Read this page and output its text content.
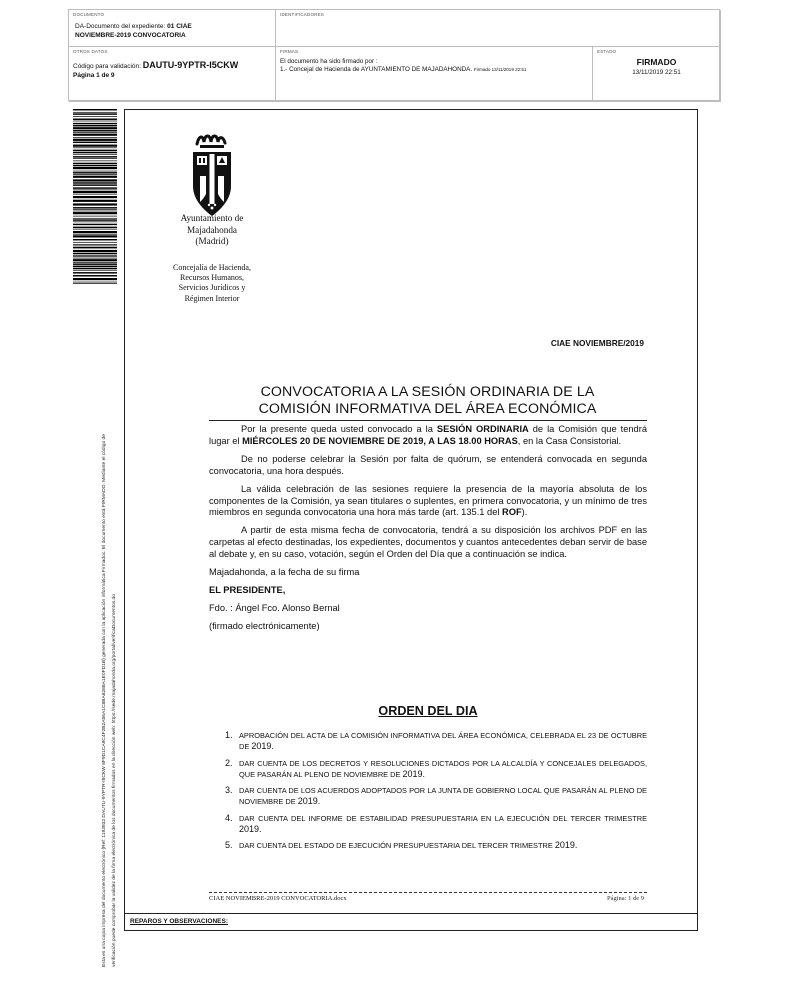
DOCUMENTO
DA-Documento del expediente: 01 CIAE
NOVIEMBRE-2019 CONVOCATORIA
IDENTIFICADORES
OTROS DATOS
Código para validación: DAUTU-9YPTR-I5CKW
Página 1 de 9
FIRMAS
El documento ha sido firmado por :
1.- Concejal de Hacienda de AYUNTAMIENTO DE MAJADAHONDA. Firmado 13/11/2019 22:51
ESTADO
FIRMADO
13/11/2019 22:51
Esta es una copia impresa del documento electrónico (Ref: 1193932 DAUTU-9YPTR-I5CKW 8F9D1CA9C4F2B2A56A1C8BA8288A1E0FD1B) generada con la aplicación informática Firmadoc. El documento está FIRMADO. Mediante el código de	verificación puede comprobar la validez de la firma electrónica de los documentos firmados en la dirección web: https://sede.majadahonda.org/portal/verificaDocumentos.do
Ayuntamiento de
Majadahonda
(Madrid)
Concejalía de Hacienda,
Recursos Humanos,
Servicios Jurídicos y
Régimen Interior
CIAE NOVIEMBRE/2019
CONVOCATORIA A LA SESIÓN ORDINARIA DE LA
COMISIÓN INFORMATIVA DEL ÁREA ECONÓMICA

Por la presente queda usted convocado a la SESIÓN ORDINARIA de la Comisión que tendrá lugar el MIÉRCOLES 20 DE NOVIEMBRE DE 2019, A LAS 18.00 HORAS, en la Casa Consistorial.

De no poderse celebrar la Sesión por falta de quórum, se entenderá convocada en segunda convocatoria, una hora después.

La válida celebración de las sesiones requiere la presencia de la mayoría absoluta de los componentes de la Comisión, ya sean titulares o suplentes, en primera convocatoria, y un mínimo de tres miembros en segunda convocatoria una hora más tarde (art. 135.1 del ROF).

A partir de esta misma fecha de convocatoria, tendrá a su disposición los archivos PDF en las carpetas al efecto destinadas, los expedientes, documentos y cuantos antecedentes deban servir de base al debate y, en su caso, votación, según el Orden del Día que a continuación se indica.

Majadahonda, a la fecha de su firma

EL PRESIDENTE,

Fdo. : Ángel Fco. Alonso Bernal

(firmado electrónicamente)

ORDEN DEL DIA
1. APROBACIÓN DEL ACTA DE LA COMISIÓN INFORMATIVA DEL ÁREA ECONÓMICA, CELEBRADA EL 23 DE OCTUBRE DE 2019.
2. DAR CUENTA DE LOS DECRETOS Y RESOLUCIONES DICTADOS POR LA ALCALDÍA Y CONCEJALES DELEGADOS, QUE PASARÁN AL PLENO DE NOVIEMBRE DE 2019.
3. DAR CUENTA DE LOS ACUERDOS ADOPTADOS POR LA JUNTA DE GOBIERNO LOCAL QUE PASARÁN AL PLENO DE NOVIEMBRE DE 2019.
4. DAR CUENTA DEL INFORME DE ESTABILIDAD PRESUPUESTARIA EN LA EJECUCIÓN DEL TERCER TRIMESTRE 2019.
5. DAR CUENTA DEL ESTADO DE EJECUCIÓN PRESUPUESTARIA DEL TERCER TRIMESTRE 2019.
CIAE NOVIEMBRE-2019 CONVOCATORIA.docx	Página: 1 de 9
REPAROS Y OBSERVACIONES:
